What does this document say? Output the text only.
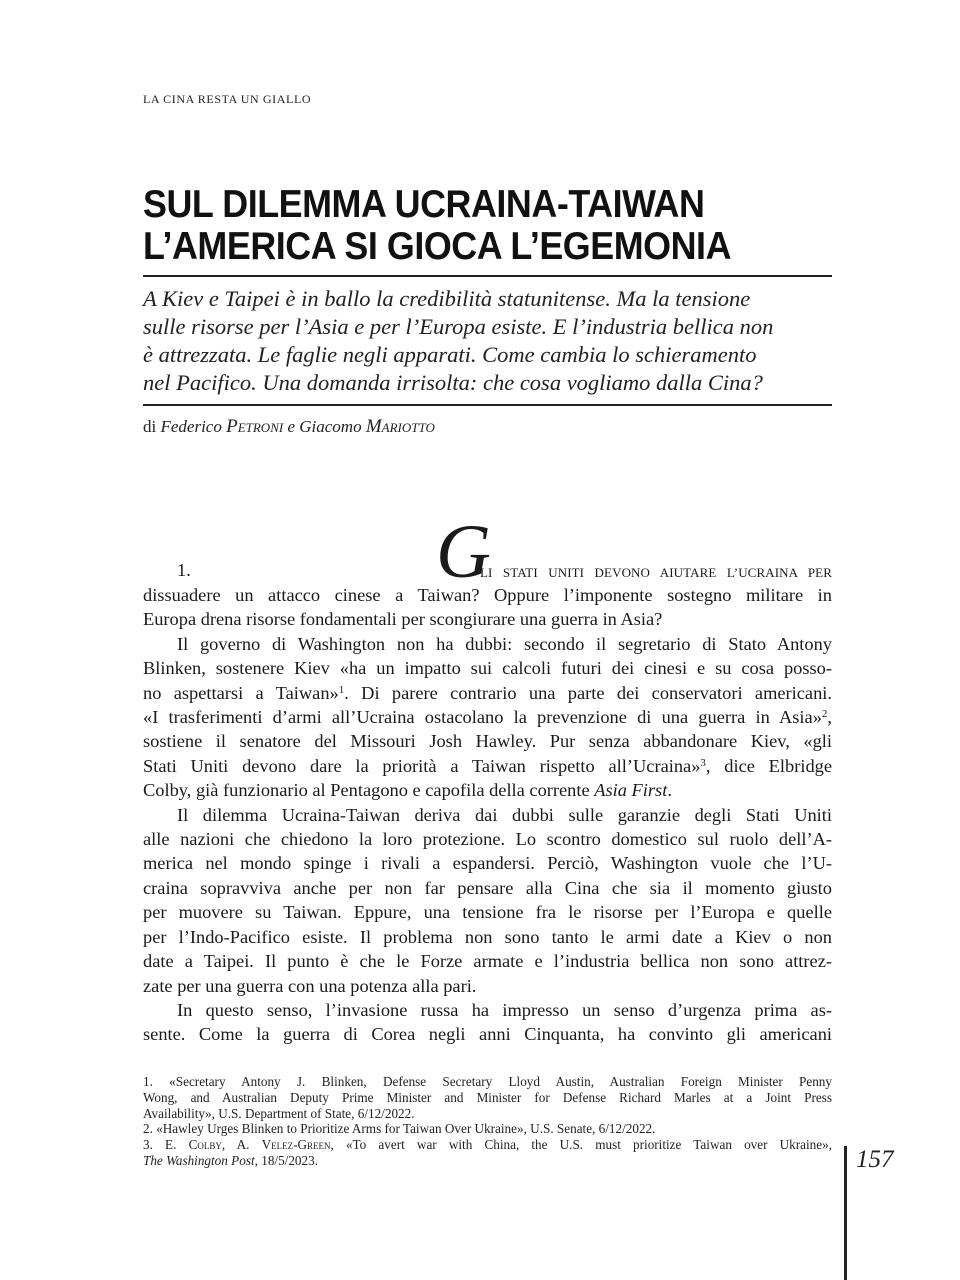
LA CINA RESTA UN GIALLO
SUL DILEMMA UCRAINA-TAIWAN
L’AMERICA SI GIOCA L’EGEMONIA
A Kiev e Taipei è in ballo la credibilità statunitense. Ma la tensione
sulle risorse per l’Asia e per l’Europa esiste. E l’industria bellica non
è attrezzata. Le faglie negli apparati. Come cambia lo schieramento
nel Pacifico. Una domanda irrisolta: che cosa vogliamo dalla Cina?
di Federico Petroni e Giacomo Mariotto
1.	G
LI STATI UNITI DEVONO AIUTARE L’UCRAINA PER

dissuadere un attacco cinese a Taiwan? Oppure l’imponente sostegno militare in
Europa drena risorse fondamentali per scongiurare una guerra in Asia?

Il governo di Washington non ha dubbi: secondo il segretario di Stato Antony
Blinken, sostenere Kiev «ha un impatto sui calcoli futuri dei cinesi e su cosa posso-
no aspettarsi a Taiwan»$^1$. Di parere contrario una parte dei conservatori americani.
«I trasferimenti d’armi all’Ucraina ostacolano la prevenzione di una guerra in Asia»$^2$,
sostiene il senatore del Missouri Josh Hawley. Pur senza abbandonare Kiev, «gli
Stati Uniti devono dare la priorità a Taiwan rispetto all’Ucraina»$^3$, dice Elbridge
Colby, già funzionario al Pentagono e capofila della corrente Asia First.

Il dilemma Ucraina-Taiwan deriva dai dubbi sulle garanzie degli Stati Uniti
alle nazioni che chiedono la loro protezione. Lo scontro domestico sul ruolo dell’A-
merica nel mondo spinge i rivali a espandersi. Perciò, Washington vuole che l’U-
craina sopravviva anche per non far pensare alla Cina che sia il momento giusto
per muovere su Taiwan. Eppure, una tensione fra le risorse per l’Europa e quelle
per l’Indo-Pacifico esiste. Il problema non sono tanto le armi date a Kiev o non
date a Taipei. Il punto è che le Forze armate e l’industria bellica non sono attrez-
zate per una guerra con una potenza alla pari.

In questo senso, l’invasione russa ha impresso un senso d’urgenza prima as-
sente. Come la guerra di Corea negli anni Cinquanta, ha convinto gli americani

1. «Secretary Antony J. Blinken, Defense Secretary Lloyd Austin, Australian Foreign Minister Penny
Wong, and Australian Deputy Prime Minister and Minister for Defense Richard Marles at a Joint Press
Availability», U.S. Department of State, 6/12/2022.
2. «Hawley Urges Blinken to Prioritize Arms for Taiwan Over Ukraine», U.S. Senate, 6/12/2022.
3. E. Colby, A. Velez-Green, «To avert war with China, the U.S. must prioritize Taiwan over Ukraine»,
The Washington Post, 18/5/2023.	157
